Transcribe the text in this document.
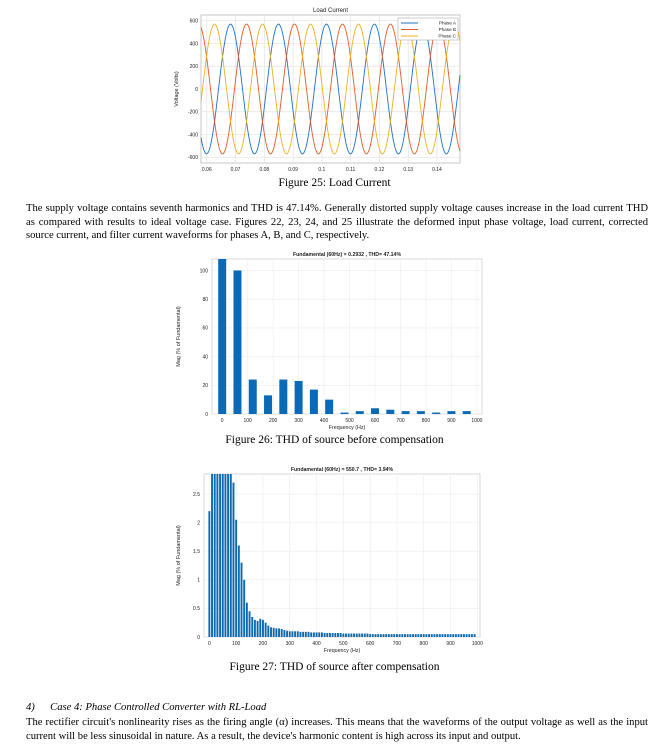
0.06	0.07	0.08	0.09	0.1	0.11	0.12	0.13	0.14
600
400
200
0
-200
-400
-600
Load Current
Voltage (Volts)
Phase A
Phase B
Phase C
Figure 25: Load Current
The supply voltage contains seventh harmonics and THD is 47.14%. Generally distorted supply voltage causes increase in the load current THD as compared with results to ideal voltage case. Figures 22, 23, 24, and 25 illustrate the deformed input phase voltage, load current, corrected source current, and filter current waveforms for phases A, B, and C, respectively.
0	100	200	300	400	500	600	700	800	900	1000
100
80
60
40
20
0
Fundamental (60Hz) = 0.2932 , THD= 47.14%
Frequency (Hz)
Mag (% of Fundamental)
Figure 26: THD of source before compensation
0	100	200	300	400	500	600	700	800	900	1000
2.5
2
1.5
1
0.5
0
Fundamental (60Hz) = 550.7 , THD= 3.94%
Frequency (Hz)
Mag (% of Fundamental)
Figure 27: THD of source after compensation
4) Case 4: Phase Controlled Converter with RL-Load
The rectifier circuit's nonlinearity rises as the firing angle (α) increases. This means that the waveforms of the output voltage as well as the input current will be less sinusoidal in nature. As a result, the device's harmonic content is high across its input and output.
